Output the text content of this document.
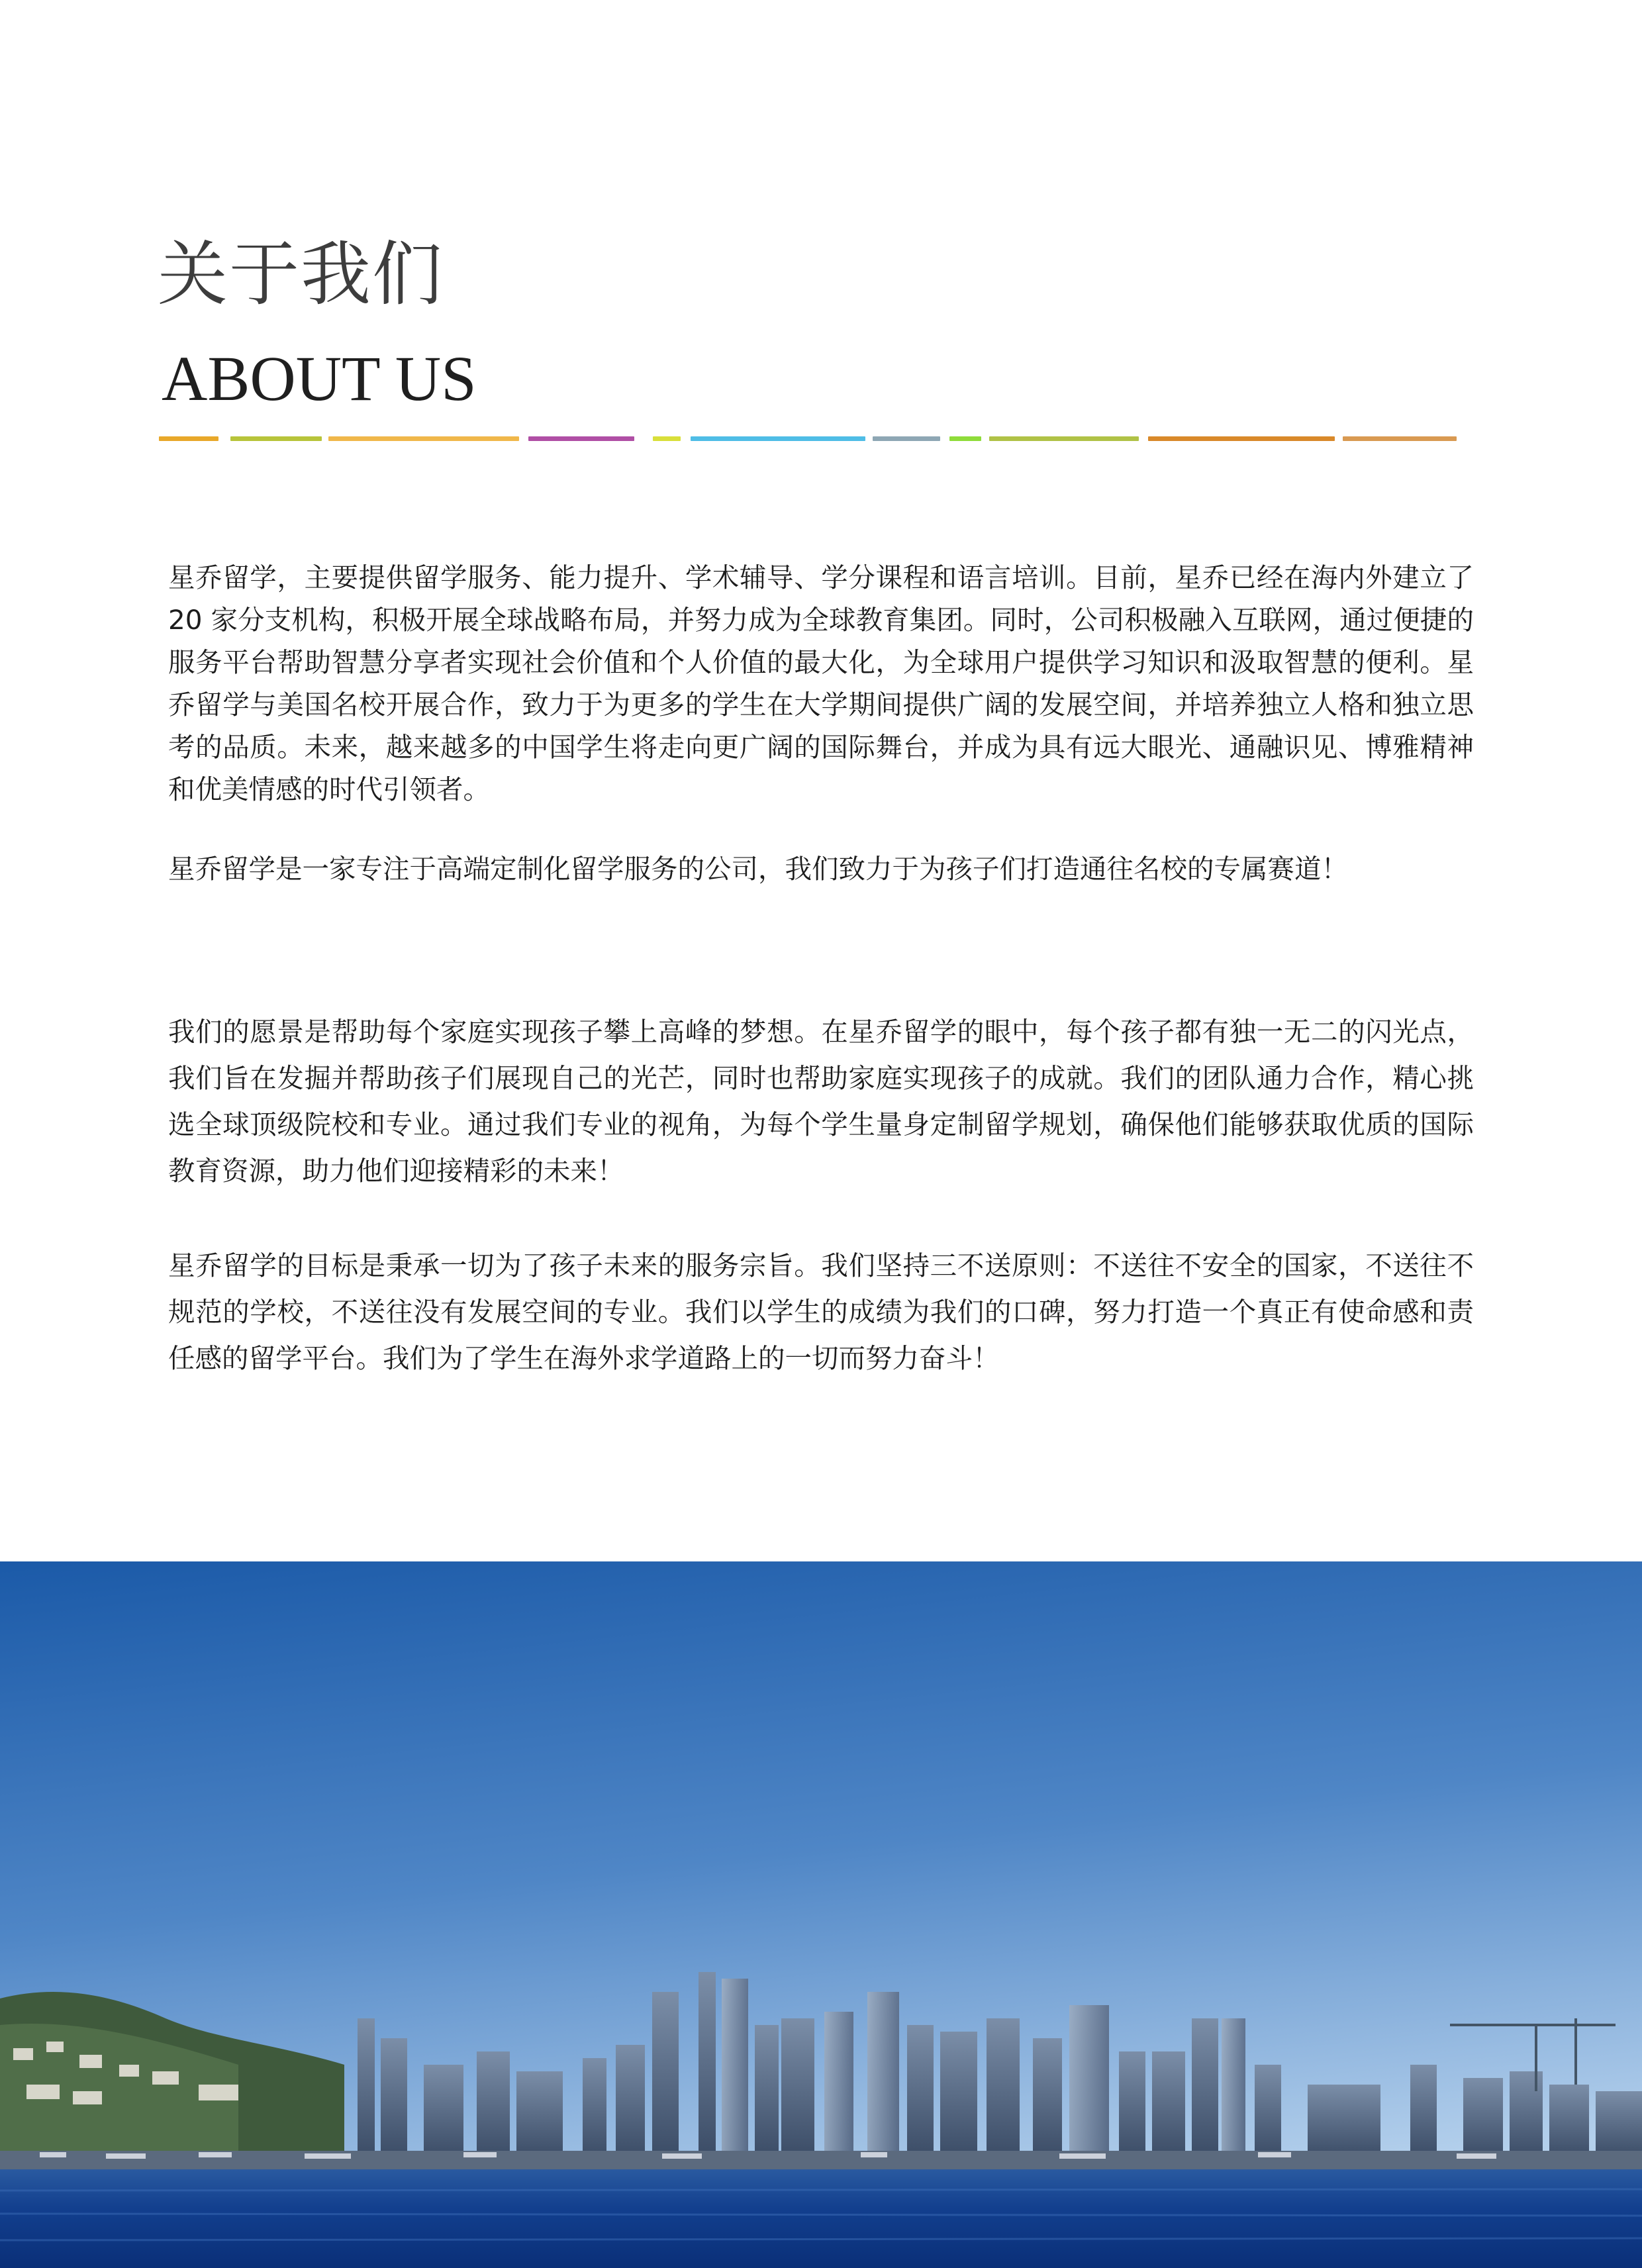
关于我们
ABOUT US
星乔留学，主要提供留学服务、能力提升、学术辅导、学分课程和语言培训。目前，星乔已经在海内外建立了 20 家分支机构，积极开展全球战略布局，并努力成为全球教育集团。同时，公司积极融入互联网，通过便捷的服务平台帮助智慧分享者实现社会价值和个人价值的最大化，为全球用户提供学习知识和汲取智慧的便利。星乔留学与美国名校开展合作，致力于为更多的学生在大学期间提供广阔的发展空间，并培养独立人格和独立思考的品质。未来，越来越多的中国学生将走向更广阔的国际舞台，并成为具有远大眼光、通融识见、博雅精神和优美情感的时代引领者。
星乔留学是一家专注于高端定制化留学服务的公司，我们致力于为孩子们打造通往名校的专属赛道！
我们的愿景是帮助每个家庭实现孩子攀上高峰的梦想。在星乔留学的眼中，每个孩子都有独一无二的闪光点，我们旨在发掘并帮助孩子们展现自己的光芒，同时也帮助家庭实现孩子的成就。我们的团队通力合作，精心挑选全球顶级院校和专业。通过我们专业的视角，为每个学生量身定制留学规划，确保他们能够获取优质的国际教育资源，助力他们迎接精彩的未来！
星乔留学的目标是秉承一切为了孩子未来的服务宗旨。我们坚持三不送原则：不送往不安全的国家，不送往不规范的学校，不送往没有发展空间的专业。我们以学生的成绩为我们的口碑，努力打造一个真正有使命感和责任感的留学平台。我们为了学生在海外求学道路上的一切而努力奋斗！
